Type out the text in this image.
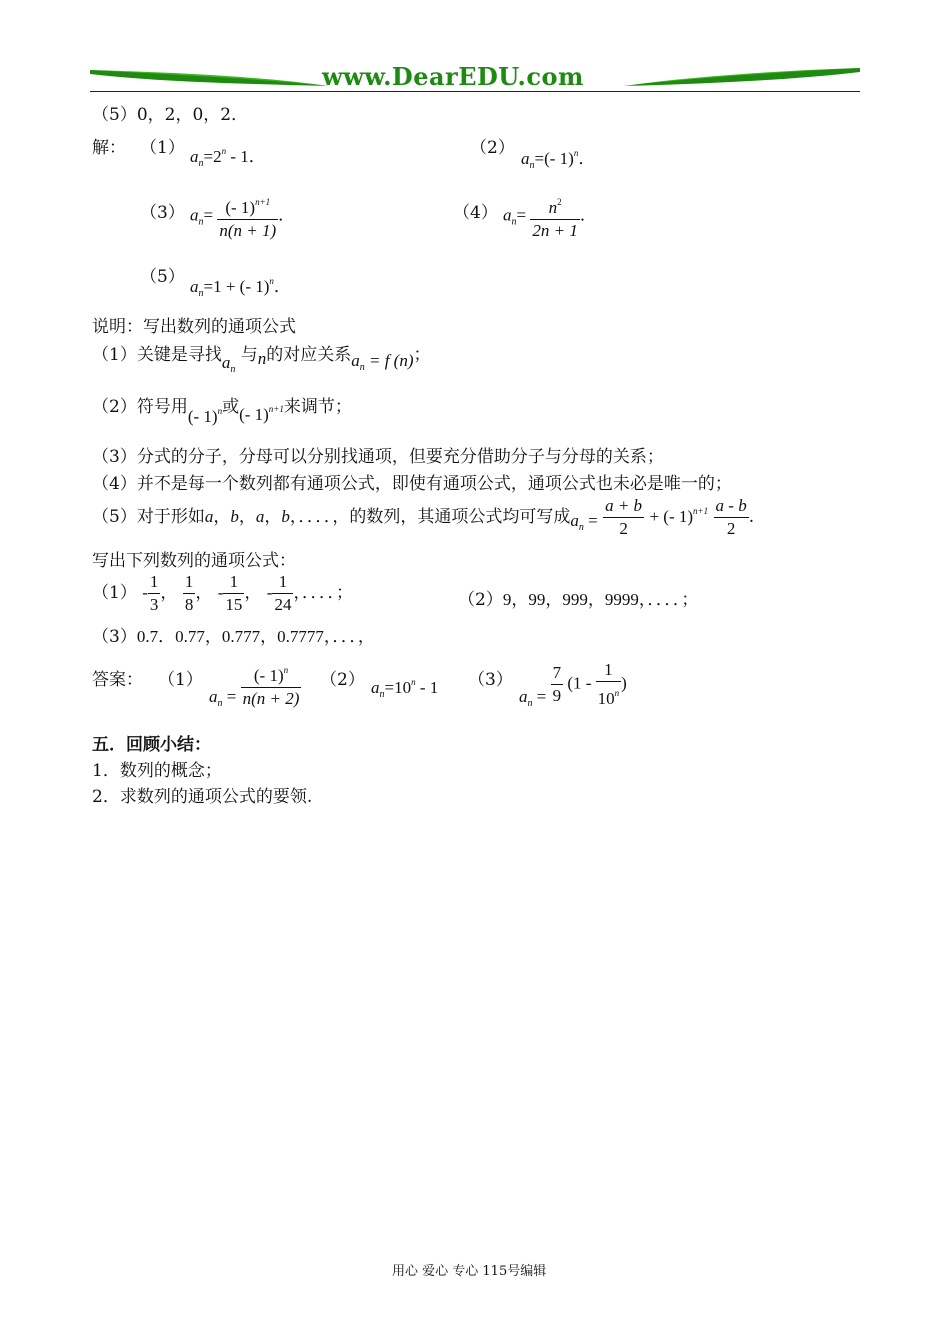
www.DearEDU.com
（5）0，2，0，2．
解： （1） $a_n=2^n - 1$．	（2）
$a_n=(-$ 1)$^n$．
（3） $a_n= \frac{(- 1)^{n+1}}{n(n + 1)}$ ．	（4） $a_n= \frac{n^2}{2n + 1}$ ．
（5） $a_n=1$ + (- 1)$^n$．
说明：写出数列的通项公式
（1）关键是寻找$a_n$ 与n的对应关系$a_n = f$ (n)；
（2）符号用(- 1)$^n$或(- 1)$^{n+1}$来调节；
（3）分式的分子，分母可以分别找通项，但要充分借助分子与分母的关系；
（4）并不是每一个数列都有通项公式，即使有通项公式，通项公式也未必是唯一的；
（5）对于形如a，b，a，b，．．．．，的数列，其通项公式均可写成$a_n = \frac{a + b}{2}$ + (- $1)^{n+1} \frac{a - b}{2}$ .
写出下列数列的通项公式：
$(1) - \frac{1}{3}$ ， $\frac{1}{8}$ ， - $\frac{1}{15}$ ， - $\frac{1}{24}$ ，．．．．；	（2）9，99，999，9999，．．．．；
（3）0.7．0.77，0.777，0.7777，．．．，
答案： （1）
$a_n = \frac{(- 1)^n}{n(n + 2)} (2)$ $a_n=10^n - 1$ （3）
$a_n = \frac{7}{9} (1 - \frac{1}{10^n}$ )
五．回顾小结：
1．数列的概念；
2．求数列的通项公式的要领.
用心 爱心 专心 115号编辑
